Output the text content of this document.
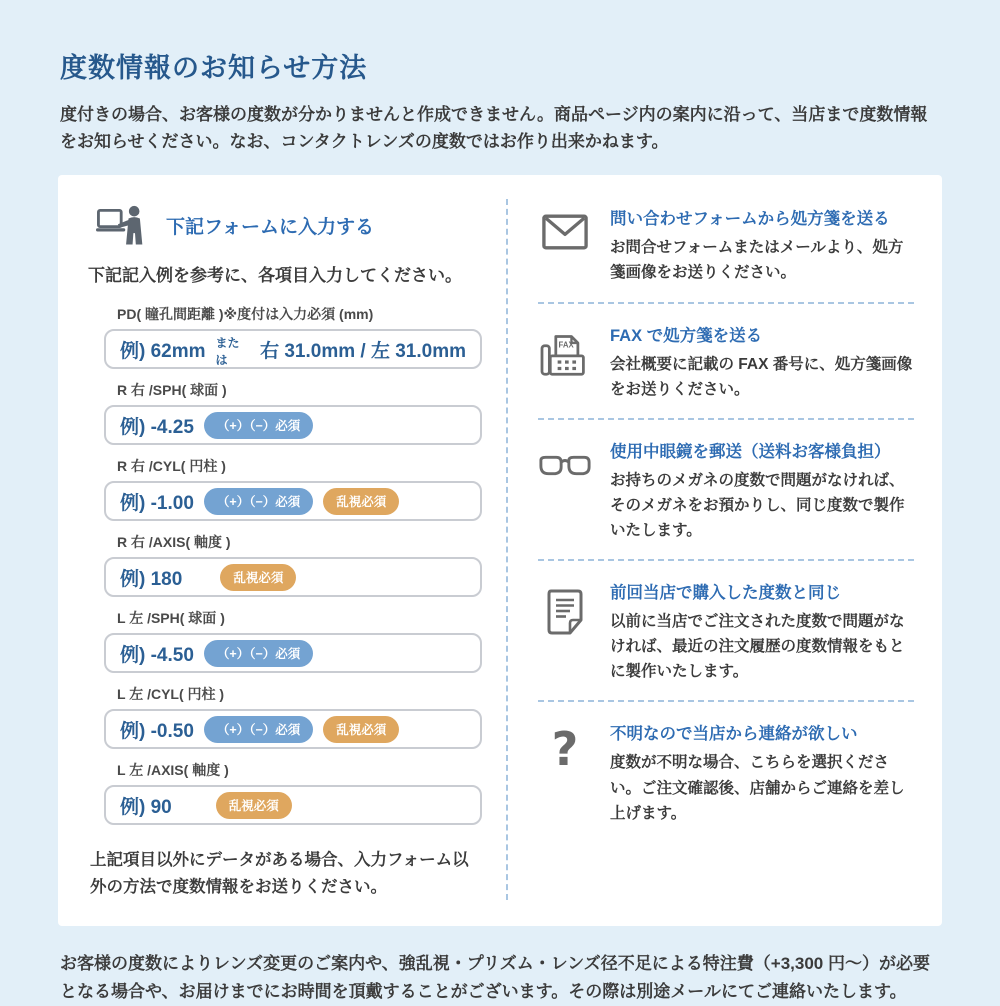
度数情報のお知らせ方法

度付きの場合、お客様の度数が分かりませんと作成できません。商品ページ内の案内に沿って、当店まで度数情報をお知らせください。なお、コンタクトレンズの度数ではお作り出来かねます。

下記フォームに入力する

下記記入例を参考に、各項目入力してください。

PD( 瞳孔間距離 )※度付は入力必須 (mm)
例) 62mm または	右 31.0mm / 左 31.0mm
R 右 /SPH( 球面 )
例) -4.25	（+）（−）必須
R 右 /CYL( 円柱 )
例) -1.00	（+）（−）必須	乱視必須
R 右 /AXIS( 軸度 )
例) 180	乱視必須
L 左 /SPH( 球面 )
例) -4.50	（+）（−）必須
L 左 /CYL( 円柱 )
例) -0.50	（+）（−）必須	乱視必須
L 左 /AXIS( 軸度 )
例) 90	乱視必須

上記項目以外にデータがある場合、入力フォーム以外の方法で度数情報をお送りください。

問い合わせフォームから処方箋を送る
お問合せフォームまたはメールより、処方箋画像をお送りください。
FAX
FAX で処方箋を送る
会社概要に記載の FAX 番号に、処方箋画像をお送りください。
使用中眼鏡を郵送（送料お客様負担）
お持ちのメガネの度数で問題がなければ、そのメガネをお預かりし、同じ度数で製作いたします。
前回当店で購入した度数と同じ
以前に当店でご注文された度数で問題がなければ、最近の注文履歴の度数情報をもとに製作いたします。
? 不明なので当店から連絡が欲しい
度数が不明な場合、こちらを選択ください。ご注文確認後、店舗からご連絡を差し上げます。

お客様の度数によりレンズ変更のご案内や、強乱視・プリズム・レンズ径不足による特注費（+3,300 円〜）が必要となる場合や、お届けまでにお時間を頂戴することがございます。その際は別途メールにてご連絡いたします。
